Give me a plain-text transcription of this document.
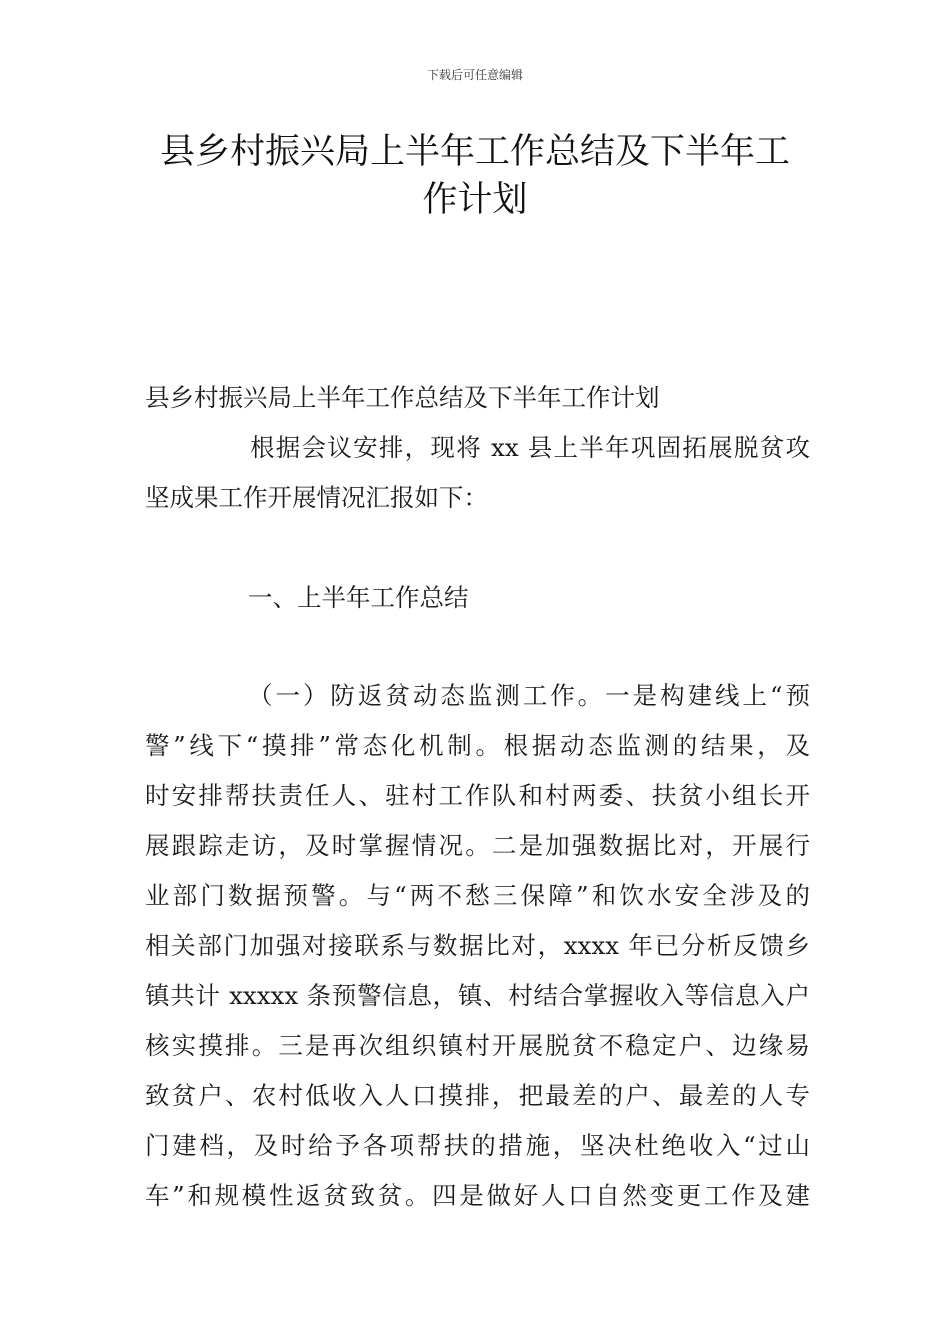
下载后可任意编辑
县乡村振兴局上半年工作总结及下半年工
作计划
县乡村振兴局上半年工作总结及下半年工作计划
根据会议安排，现将 xx 县上半年巩固拓展脱贫攻
坚成果工作开展情况汇报如下：
一、上半年工作总结
（一）防返贫动态监测工作。一是构建线上“预
警”线下“摸排”常态化机制。根据动态监测的结果，及
时安排帮扶责任人、驻村工作队和村两委、扶贫小组长开
展跟踪走访，及时掌握情况。二是加强数据比对，开展行
业部门数据预警。与“两不愁三保障”和饮水安全涉及的
相关部门加强对接联系与数据比对，xxxx 年已分析反馈乡
镇共计 xxxxx 条预警信息，镇、村结合掌握收入等信息入户
核实摸排。三是再次组织镇村开展脱贫不稳定户、边缘易
致贫户、农村低收入人口摸排，把最差的户、最差的人专
门建档，及时给予各项帮扶的措施，坚决杜绝收入“过山
车”和规模性返贫致贫。四是做好人口自然变更工作及建
